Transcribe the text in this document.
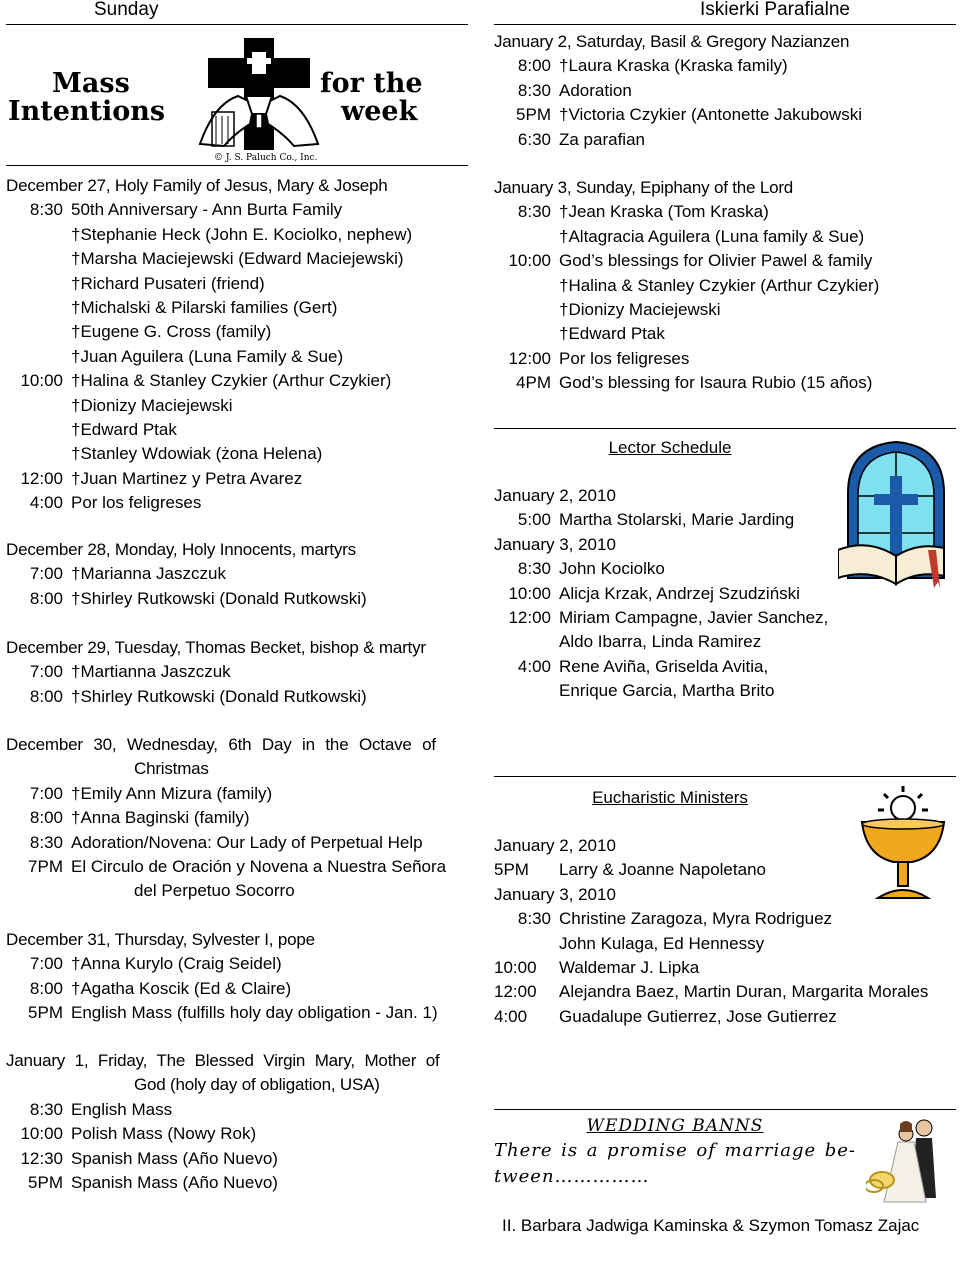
Sunday
Mass
Intentions
for the
week
© J. S. Paluch Co., Inc.
December 27, Holy Family of Jesus, Mary & Joseph
8:30 50th Anniversary - Ann Burta Family
†Stephanie Heck (John E. Kociolko, nephew)
†Marsha Maciejewski (Edward Maciejewski)
†Richard Pusateri (friend)
†Michalski & Pilarski families (Gert)
†Eugene G. Cross (family)
†Juan Aguilera (Luna Family & Sue)
10:00 †Halina & Stanley Czykier (Arthur Czykier)
†Dionizy Maciejewski
†Edward Ptak
†Stanley Wdowiak (żona Helena)
12:00 †Juan Martinez y Petra Avarez
4:00 Por los feligreses
December 28, Monday, Holy Innocents, martyrs
7:00 †Marianna Jaszczuk
8:00 †Shirley Rutkowski (Donald Rutkowski)
December 29, Tuesday, Thomas Becket, bishop & martyr
7:00 †Martianna Jaszczuk
8:00 †Shirley Rutkowski (Donald Rutkowski)
December 30, Wednesday, 6th Day in the Octave of
Christmas
7:00 †Emily Ann Mizura (family)
8:00 †Anna Baginski (family)
8:30 Adoration/Novena: Our Lady of Perpetual Help
7PM El Circulo de Oración y Novena a Nuestra Señora
del Perpetuo Socorro
December 31, Thursday, Sylvester I, pope
7:00 †Anna Kurylo (Craig Seidel)
8:00 †Agatha Koscik (Ed & Claire)
5PM English Mass (fulfills holy day obligation - Jan. 1)
January 1, Friday, The Blessed Virgin Mary, Mother of
God (holy day of obligation, USA)
8:30 English Mass
10:00 Polish Mass (Nowy Rok)
12:30 Spanish Mass (Año Nuevo)
5PM Spanish Mass (Año Nuevo)
Iskierki Parafialne
January 2, Saturday, Basil & Gregory Nazianzen
8:00 †Laura Kraska (Kraska family)
8:30 Adoration
5PM †Victoria Czykier (Antonette Jakubowski
6:30 Za parafian
January 3, Sunday, Epiphany of the Lord
8:30 †Jean Kraska (Tom Kraska)
†Altagracia Aguilera (Luna family & Sue)
10:00 God’s blessings for Olivier Pawel & family
†Halina & Stanley Czykier (Arthur Czykier)
†Dionizy Maciejewski
†Edward Ptak
12:00 Por los feligreses
4PM God’s blessing for Isaura Rubio (15 años)
Lector Schedule
January 2, 2010
5:00 Martha Stolarski, Marie Jarding
January 3, 2010
8:30 John Kociolko
10:00 Alicja Krzak, Andrzej Szudziński
12:00 Miriam Campagne, Javier Sanchez,
Aldo Ibarra, Linda Ramirez
4:00 Rene Aviña, Griselda Avitia,
Enrique Garcia, Martha Brito
Eucharistic Ministers
January 2, 2010
5PM	Larry & Joanne Napoletano
January 3, 2010
8:30 Christine Zaragoza, Myra Rodriguez
John Kulaga, Ed Hennessy
10:00	Waldemar J. Lipka
12:00	Alejandra Baez, Martin Duran, Margarita Morales
4:00	Guadalupe Gutierrez, Jose Gutierrez
WEDDING BANNS
There is a promise of marriage be-
tween……………
II. Barbara Jadwiga Kaminska & Szymon Tomasz Zajac
